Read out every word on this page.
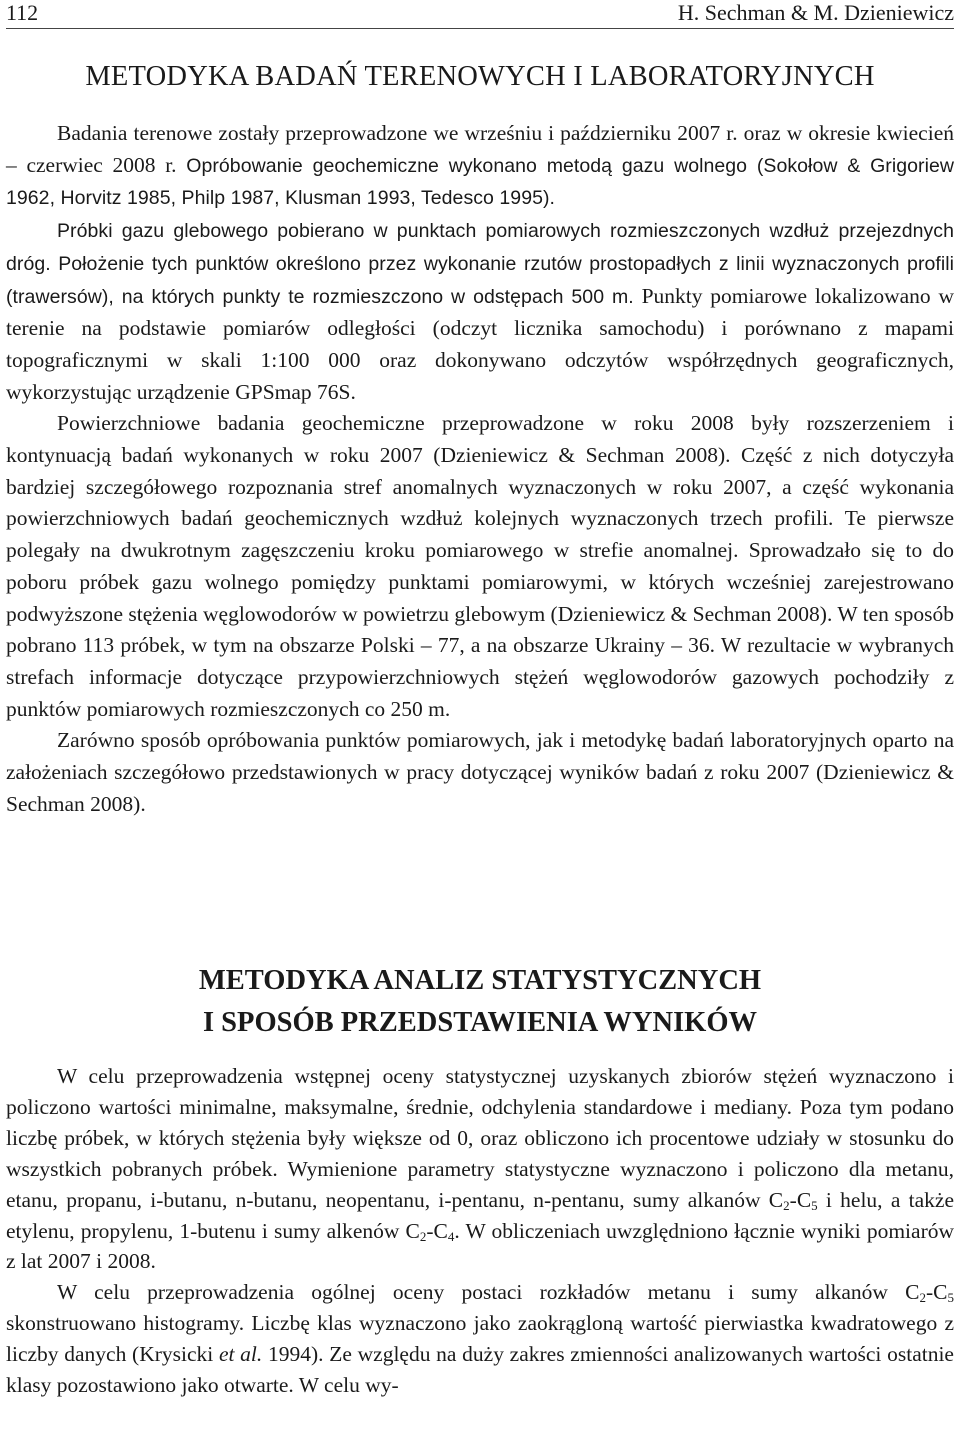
112	H. Sechman & M. Dzieniewicz
METODYKA BADAŃ TERENOWYCH I LABORATORYJNYCH

Badania terenowe zostały przeprowadzone we wrześniu i październiku 2007 r. oraz w okresie kwiecień – czerwiec 2008 r. Opróbowanie geochemiczne wykonano metodą gazu wolnego (Sokołow & Grigoriew 1962, Horvitz 1985, Philp 1987, Klusman 1993, Tedesco 1995).

Próbki gazu glebowego pobierano w punktach pomiarowych rozmieszczonych wzdłuż przejezdnych dróg. Położenie tych punktów określono przez wykonanie rzutów prostopadłych z linii wyznaczonych profili (trawersów), na których punkty te rozmieszczono w odstępach 500 m. Punkty pomiarowe lokalizowano w terenie na podstawie pomiarów odległości (odczyt licznika samochodu) i porównano z mapami topograficznymi w skali 1:100 000 oraz dokonywano odczytów współrzędnych geograficznych, wykorzystując urządzenie GPSmap 76S.

Powierzchniowe badania geochemiczne przeprowadzone w roku 2008 były rozszerzeniem i kontynuacją badań wykonanych w roku 2007 (Dzieniewicz & Sechman 2008). Część z nich dotyczyła bardziej szczegółowego rozpoznania stref anomalnych wyznaczonych w roku 2007, a część wykonania powierzchniowych badań geochemicznych wzdłuż kolejnych wyznaczonych trzech profili. Te pierwsze polegały na dwukrotnym zagęszczeniu kroku pomiarowego w strefie anomalnej. Sprowadzało się to do poboru próbek gazu wolnego pomiędzy punktami pomiarowymi, w których wcześniej zarejestrowano podwyższone stężenia węglowodorów w powietrzu glebowym (Dzieniewicz & Sechman 2008). W ten sposób pobrano 113 próbek, w tym na obszarze Polski – 77, a na obszarze Ukrainy – 36. W rezultacie w wybranych strefach informacje dotyczące przypowierzchniowych stężeń węglowodorów gazowych pochodziły z punktów pomiarowych rozmieszczonych co 250 m.

Zarówno sposób opróbowania punktów pomiarowych, jak i metodykę badań laboratoryjnych oparto na założeniach szczegółowo przedstawionych w pracy dotyczącej wyników badań z roku 2007 (Dzieniewicz & Sechman 2008).

METODYKA ANALIZ STATYSTYCZNYCH
I SPOSÓB PRZEDSTAWIENIA WYNIKÓW

W celu przeprowadzenia wstępnej oceny statystycznej uzyskanych zbiorów stężeń wyznaczono i policzono wartości minimalne, maksymalne, średnie, odchylenia standardowe i mediany. Poza tym podano liczbę próbek, w których stężenia były większe od 0, oraz obliczono ich procentowe udziały w stosunku do wszystkich pobranych próbek. Wymienione parametry statystyczne wyznaczono i policzono dla metanu, etanu, propanu, i-butanu, n-butanu, neopentanu, i-pentanu, n-pentanu, sumy alkanów $C_2-C_5$ i helu, a także etylenu, propylenu, 1-butenu i sumy alkenów $C_2-C_4$. W obliczeniach uwzględniono łącznie wyniki pomiarów z lat 2007 i 2008.

W celu przeprowadzenia ogólnej oceny postaci rozkładów metanu i sumy alkanów $C_2-C_5$ skonstruowano histogramy. Liczbę klas wyznaczono jako zaokrągloną wartość pierwiastka kwadratowego z liczby danych (Krysicki et al. 1994). Ze względu na duży zakres zmienności analizowanych wartości ostatnie klasy pozostawiono jako otwarte. W celu wy-
